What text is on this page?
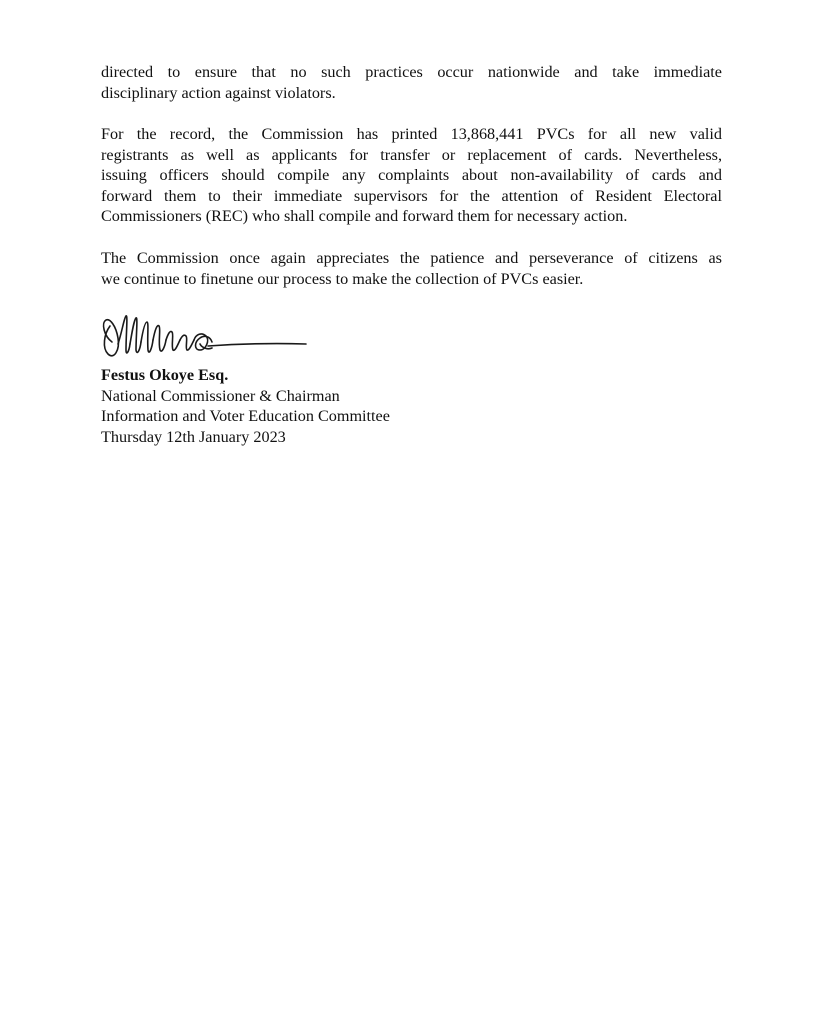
directed to ensure that no such practices occur nationwide and take immediate
disciplinary action against violators.

For the record, the Commission has printed 13,868,441 PVCs for all new valid
registrants as well as applicants for transfer or replacement of cards. Nevertheless,
issuing officers should compile any complaints about non-availability of cards and
forward them to their immediate supervisors for the attention of Resident Electoral
Commissioners (REC) who shall compile and forward them for necessary action.

The Commission once again appreciates the patience and perseverance of citizens as
we continue to finetune our process to make the collection of PVCs easier.

Festus Okoye Esq.
National Commissioner & Chairman
Information and Voter Education Committee
Thursday 12th January 2023
